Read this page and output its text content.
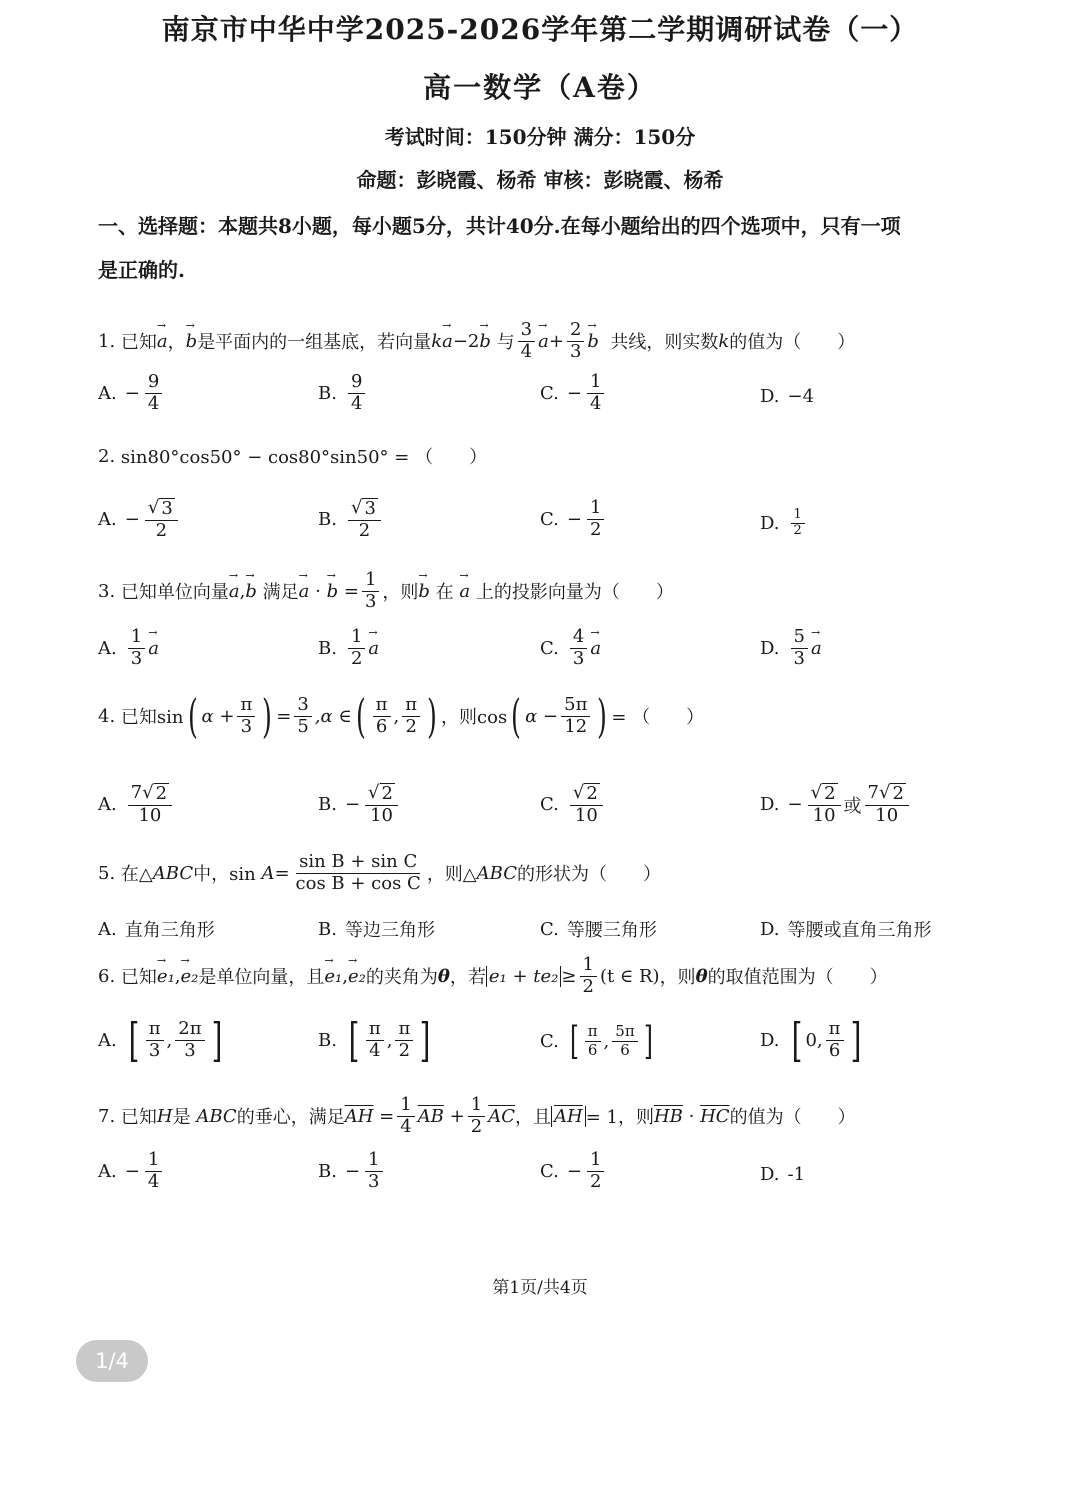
南京市中华中学2025-2026学年第二学期调研试卷（一）
高一数学（A卷）
考试时间：150分钟 满分：150分
命题：彭晓霞、杨希 审核：彭晓霞、杨希
一、选择题：本题共8小题，每小题5分，共计40分.在每小题给出的四个选项中，只有一项
是正确的.
1.
已知 → a ， → b 是平面内的一组基底，若向量 k → a −2 → b
与 $\frac{3}{4} \to a + \frac{2}{3} \to b$
共线，则实数 k 的值为（　　）
A. − $\frac{9}{4}$	B. $\frac{9}{4}$	C. − $\frac{1}{4}$	D. −4
2.
sin80°cos50° − cos80°sin50° = （　　）
A. − $\frac{√ 3}{2}$	B. $\frac{√ 3}{2}$	C. − $\frac{1}{2}$	D. $\frac{1}{2}$
3.
已知单位向量 → a , → b
满足 → a
·
→ b
= $\frac{1}{3}$ ，则 → b
在
→ a
上的投影向量为（　　）
A. $\frac{1}{3} \to a$	B. $\frac{1}{2} \to a$	C. $\frac{4}{3} \to a$	D. $\frac{5}{3} \to a$
4.
已知sin ( $\alpha + \frac{\pi}{3}$ ) = $\frac{3}{5} ,\alpha$ ∈ ( $\frac{\pi}{6}$ , $\frac{\pi}{2}$ ) ，则cos ( $\alpha - \frac{5\pi}{12}$ ) = （　　）
A. $\frac{7√ 2}{10}$	B. − $\frac{√ 2}{10}$	C. $\frac{√ 2}{10}$	D. − $\frac{√ 2}{10}$ 或 $\frac{7√ 2}{10}$
5.
在△ ABC 中，sin
$A = \frac{\text{sin B + sin C}}{\text{cos B + cos C}}$ ，则△ ABC 的形状为（　　）
A. 直角三角形	B. 等边三角形	C. 等腰三角形	D. 等腰或直角三角形
6.
已知 → e₁ , → e₂ 是单位向量，且 → e₁ , → e₂ 的夹角为 θ ，若 $e_1 + te_2 \ge \frac{1}{2} (t$ ∈ R) ，则 θ 的取值范围为（　　）
A. [ $\frac{\pi}{3}$ , $\frac{2\pi}{3}$ ]	B. [ $\frac{\pi}{4}$ , $\frac{\pi}{2}$ ]	C. [ $\frac{\pi}{6}$ , $\frac{5\pi}{6}$ ]	D. [ 0 , $\frac{\pi}{6}$ ]
7.
已知 H 是
ABC 的垂心，满足 $\overline{AH}$
= $\frac{1}{4} \overline{AB}$
+ $\frac{1}{2} \overline{AC}$ ，且 $\overline{AH} = 1$，则 $\overline{HB}$
·
$\overline{HC}$ 的值为（　　）
A. − $\frac{1}{4}$	B. − $\frac{1}{3}$	C. − $\frac{1}{2}$	D. -1
第1页/共4页
1/4
